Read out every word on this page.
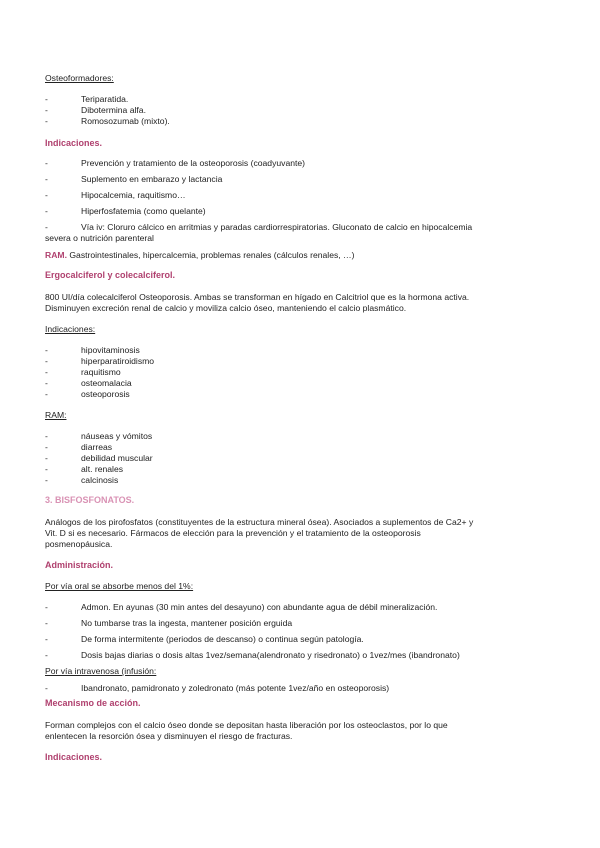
Osteoformadores:
-	Teriparatida.
-	Dibotermina alfa.
-	Romosozumab (mixto).
Indicaciones.
-	Prevención y tratamiento de la osteoporosis (coadyuvante)
-	Suplemento en embarazo y lactancia
-	Hipocalcemia, raquitismo…
-	Hiperfosfatemia (como quelante)
-	Vía iv: Cloruro cálcico en arritmias y paradas cardiorrespiratorias. Gluconato de calcio en hipocalcemia
severa o nutrición parenteral
RAM. Gastrointestinales, hipercalcemia, problemas renales (cálculos renales, …)
Ergocalciferol y colecalciferol.
800 UI/día colecalciferol Osteoporosis. Ambas se transforman en hígado en Calcitriol que es la hormona activa.
Disminuyen excreción renal de calcio y moviliza calcio óseo, manteniendo el calcio plasmático.
Indicaciones:
-	hipovitaminosis
-	hiperparatiroidismo
-	raquitismo
-	osteomalacia
-	osteoporosis
RAM:
-	náuseas y vómitos
-	diarreas
-	debilidad muscular
-	alt. renales
-	calcinosis
3. BISFOSFONATOS.
Análogos de los pirofosfatos (constituyentes de la estructura mineral ósea). Asociados a suplementos de Ca2+ y
Vit. D si es necesario. Fármacos de elección para la prevención y el tratamiento de la osteoporosis
posmenopáusica.
Administración.
Por vía oral se absorbe menos del 1%:
-	Admon. En ayunas (30 min antes del desayuno) con abundante agua de débil mineralización.
-	No tumbarse tras la ingesta, mantener posición erguida
-	De forma intermitente (periodos de descanso) o continua según patología.
-	Dosis bajas diarias o dosis altas 1vez/semana(alendronato y risedronato) o 1vez/mes (ibandronato)
Por vía intravenosa (infusión:
-	Ibandronato, pamidronato y zoledronato (más potente 1vez/año en osteoporosis)
Mecanismo de acción.
Forman complejos con el calcio óseo donde se depositan hasta liberación por los osteoclastos, por lo que
enlentecen la resorción ósea y disminuyen el riesgo de fracturas.
Indicaciones.
